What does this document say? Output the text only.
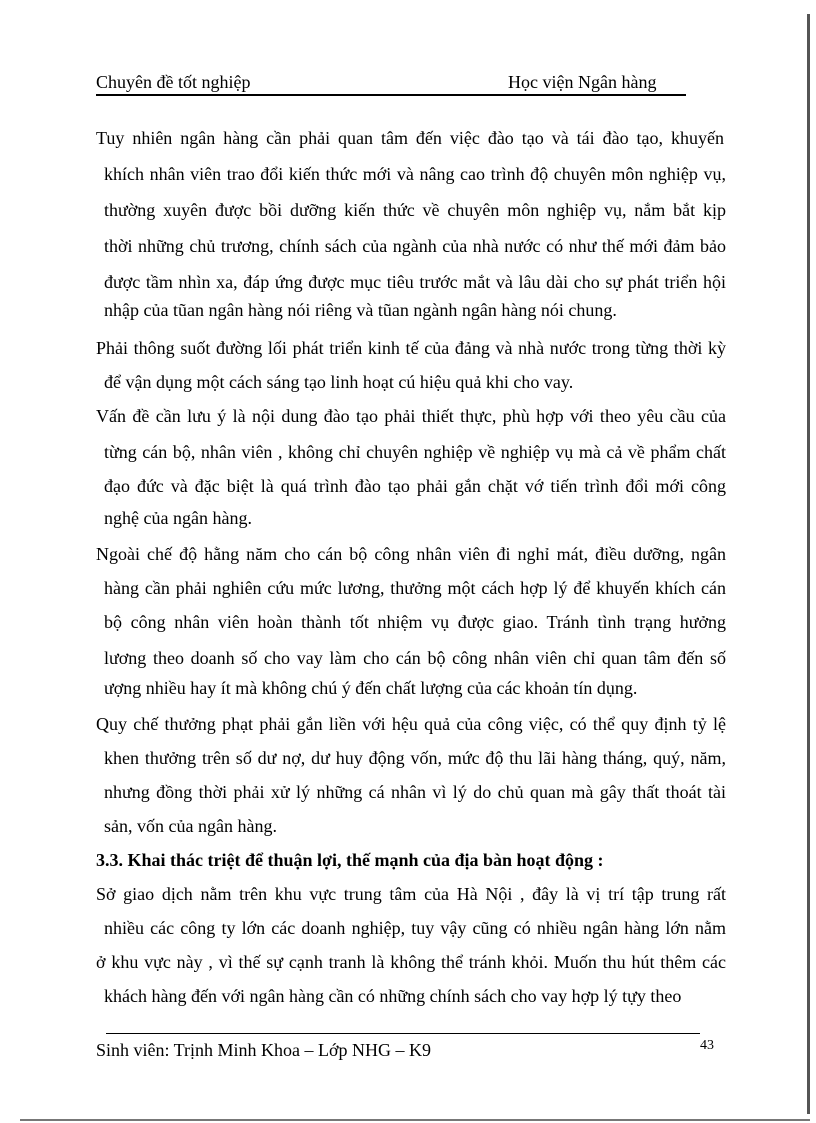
Chuyên đề tốt nghiệp	Học viện Ngân hàng
Tuy nhiên ngân hàng cần phải quan tâm đến việc đào tạo và tái đào tạo, khuyến
khích nhân viên trao đổi kiến thức mới và nâng cao trình độ chuyên môn nghiệp vụ,
thường xuyên được bồi dưỡng kiến thức về chuyên môn nghiệp vụ, nắm bắt kịp
thời những chủ trương, chính sách của ngành của nhà nước có như thế mới đảm bảo
được tầm nhìn xa, đáp ứng được mục tiêu trước mắt và lâu dài cho sự phát triển hội
nhập của tũan ngân hàng nói riêng và tũan ngành ngân hàng nói chung.
Phải thông suốt đường lối phát triển kinh tế của đảng và nhà nước trong từng thời kỳ
để vận dụng một cách sáng tạo linh hoạt cú hiệu quả khi cho vay.
Vấn đề cần lưu ý là nội dung đào tạo phải thiết thực, phù hợp với theo yêu cầu của
từng cán bộ, nhân viên , không chỉ chuyên nghiệp về nghiệp vụ mà cả về phẩm chất
đạo đức và đặc biệt là quá trình đào tạo phải gắn chặt vớ tiến trình đổi mới công
nghệ của ngân hàng.
Ngoài chế độ hằng năm cho cán bộ công nhân viên đi nghỉ mát, điều dưỡng, ngân
hàng cần phải nghiên cứu mức lương, thưởng một cách hợp lý để khuyến khích cán
bộ công nhân viên hoàn thành tốt nhiệm vụ được giao. Tránh tình trạng hưởng
lương theo doanh số cho vay làm cho cán bộ công nhân viên chỉ quan tâm đến số
ượng nhiều hay ít mà không chú ý đến chất lượng của các khoản tín dụng.
Quy chế thưởng phạt phải gắn liền với hệu quả của công việc, có thể quy định tỷ lệ
khen thưởng trên số dư nợ, dư huy động vốn, mức độ thu lãi hàng tháng, quý, năm,
nhưng đồng thời phải xử lý những cá nhân vì lý do chủ quan mà gây thất thoát tài
sản, vốn của ngân hàng.
3.3. Khai thác triệt để thuận lợi, thế mạnh của địa bàn hoạt động :
Sở giao dịch nằm trên khu vực trung tâm của Hà Nội , đây là vị trí tập trung rất
nhiều các công ty lớn các doanh nghiệp, tuy vậy cũng có nhiều ngân hàng lớn nằm
ở khu vực này , vì thế sự cạnh tranh là không thể tránh khỏi. Muốn thu hút thêm các
khách hàng đến với ngân hàng cần có những chính sách cho vay hợp lý tựy theo
Sinh viên: Trịnh Minh Khoa – Lớp NHG – K9	43
